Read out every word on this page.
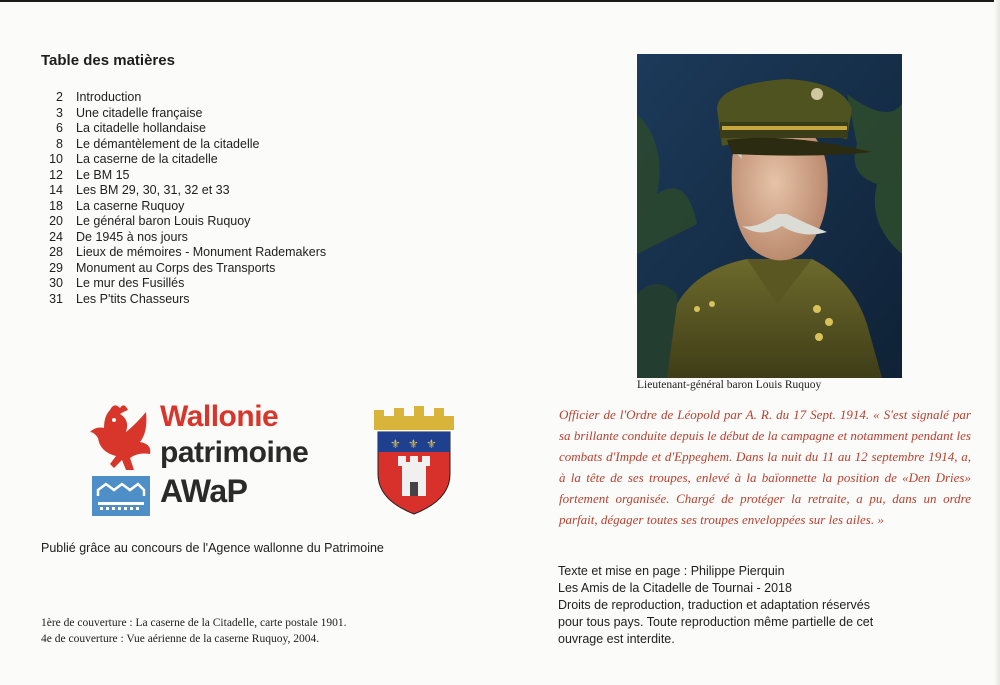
Table des matières
2 Introduction
3 Une citadelle française
6 La citadelle hollandaise
8 Le démantèlement de la citadelle
10 La caserne de la citadelle
12 Le BM 15
14 Les BM 29, 30, 31, 32 et 33
18 La caserne Ruquoy
20 Le général baron Louis Ruquoy
24 De 1945 à nos jours
28 Lieux de mémoires - Monument Rademakers
29 Monument au Corps des Transports
30 Le mur des Fusillés
31 Les P'tits Chasseurs
Lieutenant-général baron Louis Ruquoy
Wallonie
patrimoine
AWaP
⚜ ⚜ ⚜
Publié grâce au concours de l'Agence wallonne du Patrimoine
1ère de couverture : La caserne de la Citadelle, carte postale 1901.
4e de couverture : Vue aérienne de la caserne Ruquoy, 2004.

Officier de l'Ordre de Léopold par A. R. du 17 Sept. 1914. « S'est signalé par sa brillante conduite depuis le début de la campagne et notamment pendant les combats d'Impde et d'Eppeghem. Dans la nuit du 11 au 12 septembre 1914, a, à la tête de ses troupes, enlevé à la baïonnette la position de «Den Dries» fortement organisée. Chargé de protéger la retraite, a pu, dans un ordre parfait, dégager toutes ses troupes enveloppées sur les ailes. »

Texte et mise en page : Philippe Pierquin
Les Amis de la Citadelle de Tournai - 2018
Droits de reproduction, traduction et adaptation réservés
pour tous pays. Toute reproduction même partielle de cet
ouvrage est interdite.
